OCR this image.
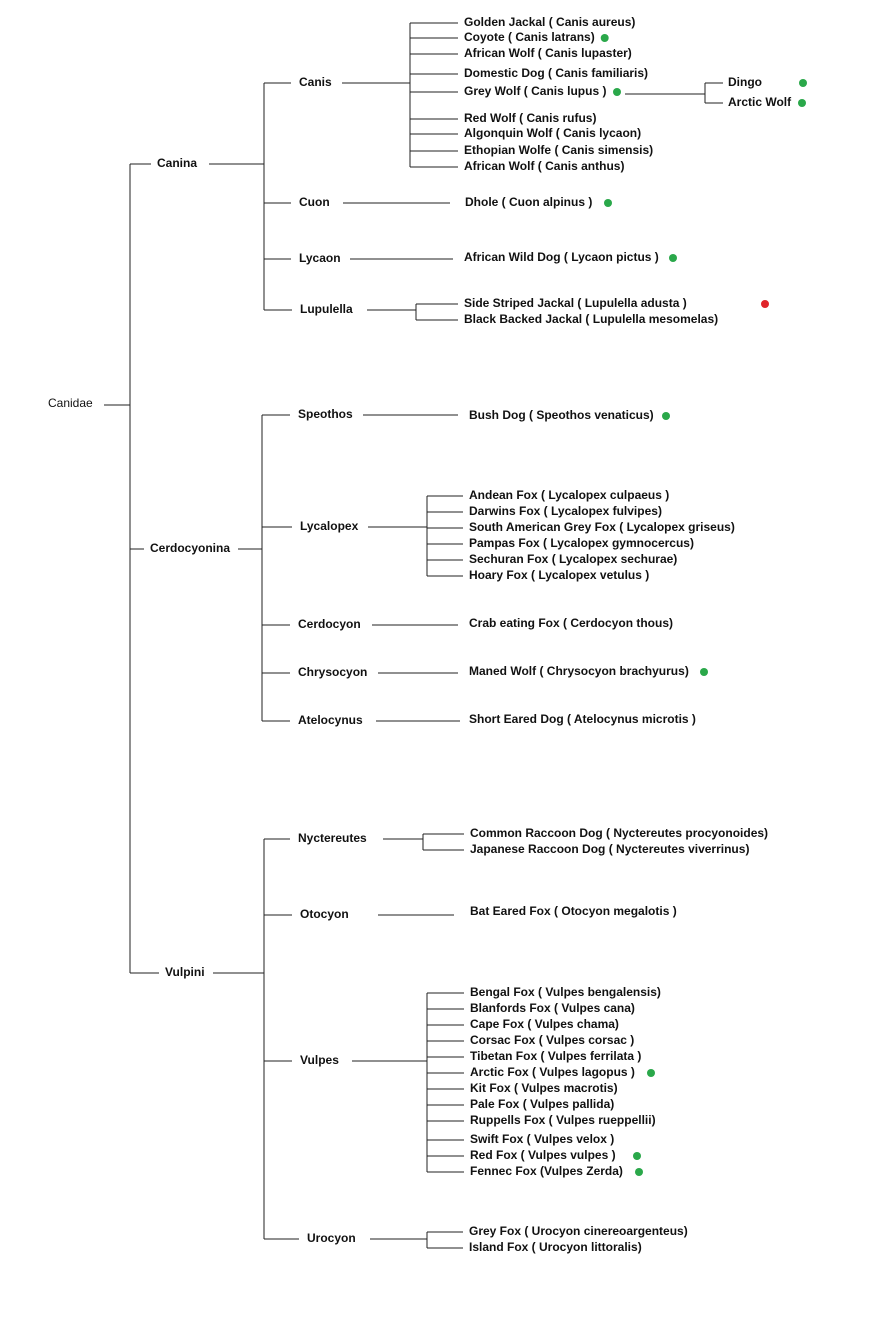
Canidae
Canina
Canis
Golden Jackal ( Canis aureus)
Coyote ( Canis latrans)
African Wolf ( Canis lupaster)
Domestic Dog ( Canis familiaris)
Grey Wolf ( Canis lupus )
Dingo
Arctic Wolf
Red Wolf ( Canis rufus)
Algonquin Wolf ( Canis lycaon)
Ethopian Wolfe ( Canis simensis)
African Wolf ( Canis anthus)
Cuon	Dhole ( Cuon alpinus )
Lycaon	African Wild Dog ( Lycaon pictus )
Lupulella	Side Striped Jackal ( Lupulella adusta )
Black Backed Jackal ( Lupulella mesomelas)
Cerdocyonina
Speothos	Bush Dog ( Speothos venaticus)
Lycalopex
Andean Fox ( Lycalopex culpaeus )
Darwins Fox ( Lycalopex fulvipes)
South American Grey Fox ( Lycalopex griseus)
Pampas Fox ( Lycalopex gymnocercus)
Sechuran Fox ( Lycalopex sechurae)
Hoary Fox ( Lycalopex vetulus )
Cerdocyon	Crab eating Fox ( Cerdocyon thous)
Chrysocyon	Maned Wolf ( Chrysocyon brachyurus)
Atelocynus	Short Eared Dog ( Atelocynus microtis )
Vulpini
Nyctereutes	Common Raccoon Dog ( Nyctereutes procyonoides)
Japanese Raccoon Dog ( Nyctereutes viverrinus)
Otocyon	Bat Eared Fox ( Otocyon megalotis )
Vulpes
Bengal Fox ( Vulpes bengalensis)
Blanfords Fox ( Vulpes cana)
Cape Fox ( Vulpes chama)
Corsac Fox ( Vulpes corsac )
Tibetan Fox ( Vulpes ferrilata )
Arctic Fox ( Vulpes lagopus )
Kit Fox ( Vulpes macrotis)
Pale Fox ( Vulpes pallida)
Ruppells Fox ( Vulpes rueppellii)
Swift Fox ( Vulpes velox )
Red Fox ( Vulpes vulpes )
Fennec Fox (Vulpes Zerda)
Urocyon	Grey Fox ( Urocyon cinereoargenteus)
Island Fox ( Urocyon littoralis)
